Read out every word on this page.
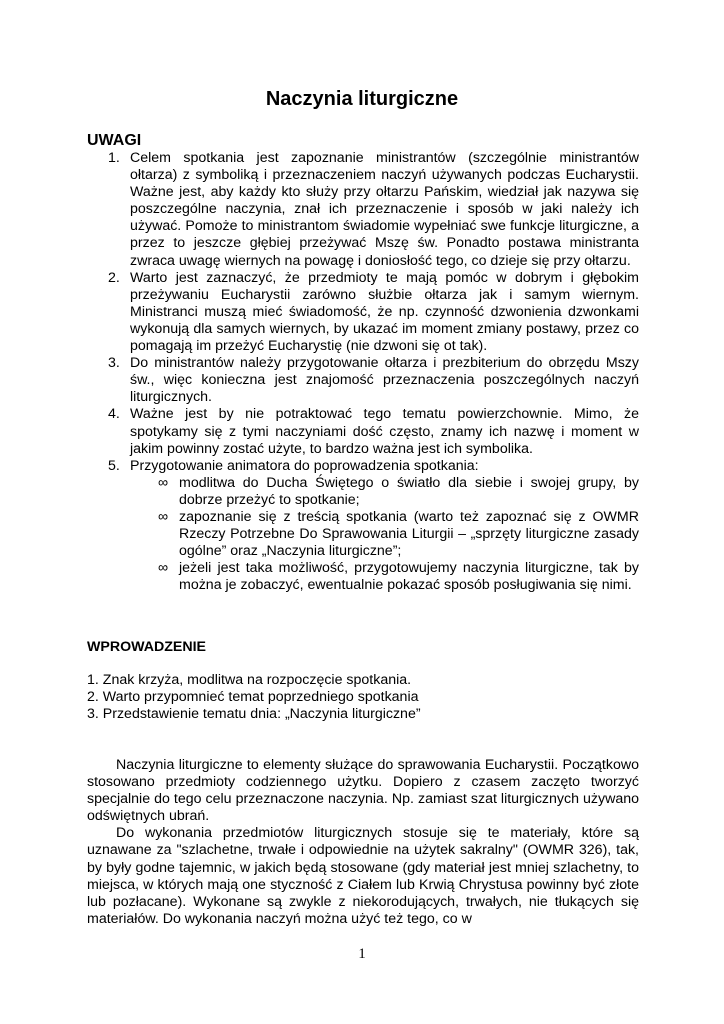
Naczynia liturgiczne
UWAGI
1. Celem spotkania jest zapoznanie ministrantów (szczególnie ministrantów ołtarza) z symboliką i przeznaczeniem naczyń używanych podczas Eucharystii. Ważne jest, aby każdy kto służy przy ołtarzu Pańskim, wiedział jak nazywa się poszczególne naczynia, znał ich przeznaczenie i sposób w jaki należy ich używać. Pomoże to ministrantom świadomie wypełniać swe funkcje liturgiczne, a przez to jeszcze głębiej przeżywać Mszę św. Ponadto postawa ministranta zwraca uwagę wiernych na powagę i doniosłość tego, co dzieje się przy ołtarzu.

2. Warto jest zaznaczyć, że przedmioty te mają pomóc w dobrym i głębokim przeżywaniu Eucharystii zarówno służbie ołtarza jak i samym wiernym. Ministranci muszą mieć świadomość, że np. czynność dzwonienia dzwonkami wykonują dla samych wiernych, by ukazać im moment zmiany postawy, przez co pomagają im przeżyć Eucharystię (nie dzwoni się ot tak).

3. Do ministrantów należy przygotowanie ołtarza i prezbiterium do obrzędu Mszy św., więc konieczna jest znajomość przeznaczenia poszczególnych naczyń liturgicznych.

4. Ważne jest by nie potraktować tego tematu powierzchownie. Mimo, że spotykamy się z tymi naczyniami dość często, znamy ich nazwę i moment w jakim powinny zostać użyte, to bardzo ważna jest ich symbolika.

5. Przygotowanie animatora do poprowadzenia spotkania:

∞ modlitwa do Ducha Świętego o światło dla siebie i swojej grupy, by dobrze przeżyć to spotkanie;
∞ zapoznanie się z treścią spotkania (warto też zapoznać się z OWMR Rzeczy Potrzebne Do Sprawowania Liturgii – „sprzęty liturgiczne zasady ogólne” oraz „Naczynia liturgiczne”;
∞ jeżeli jest taka możliwość, przygotowujemy naczynia liturgiczne, tak by można je zobaczyć, ewentualnie pokazać sposób posługiwania się nimi.
WPROWADZENIE
1. Znak krzyża, modlitwa na rozpoczęcie spotkania.
2. Warto przypomnieć temat poprzedniego spotkania
3. Przedstawienie tematu dnia: „Naczynia liturgiczne”

Naczynia liturgiczne to elementy służące do sprawowania Eucharystii. Początkowo stosowano przedmioty codziennego użytku. Dopiero z czasem zaczęto tworzyć specjalnie do tego celu przeznaczone naczynia. Np. zamiast szat liturgicznych używano odświętnych ubrań.

Do wykonania przedmiotów liturgicznych stosuje się te materiały, które są uznawane za "szlachetne, trwałe i odpowiednie na użytek sakralny" (OWMR 326), tak, by były godne tajemnic, w jakich będą stosowane (gdy materiał jest mniej szlachetny, to miejsca, w których mają one styczność z Ciałem lub Krwią Chrystusa powinny być złote lub pozłacane). Wykonane są zwykle z niekorodujących, trwałych, nie tłukących się materiałów. Do wykonania naczyń można użyć też tego, co w

1
